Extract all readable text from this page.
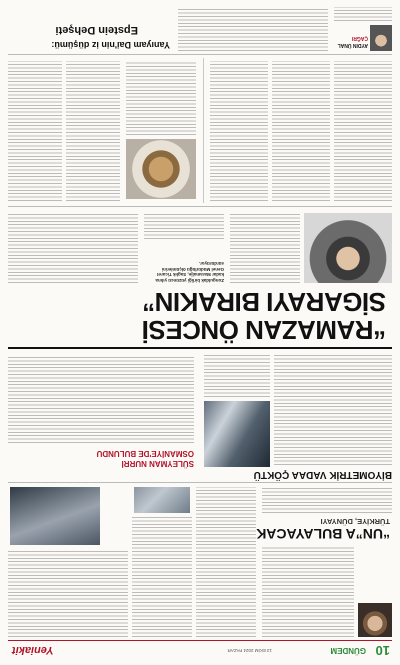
10
GÜNDEM
13 EKİM 2024 PAZAR
Yeniakit
“UN”A BULAYACAK
TÜRKİYE, DÜNYAYI
BİYOMETRİK VADAA ÇÖKTÜ
SÜLEYMAN NURRİ
OSMANİYE'DE BULUNDU
“RAMAZAN ÖNCESİ
SİGARAYI BIRAKIN”
Zonguldak birliği yüzüncü yılına kadar Maramalje, Saglık Ticaret Genel Müdürlüğü ölçümlerini sürdürüyor.
AYDIN ÜNAL
ÇAĞRI
Yanıyam Dai'nin iz düşümü:
Epstein Dehşeti
